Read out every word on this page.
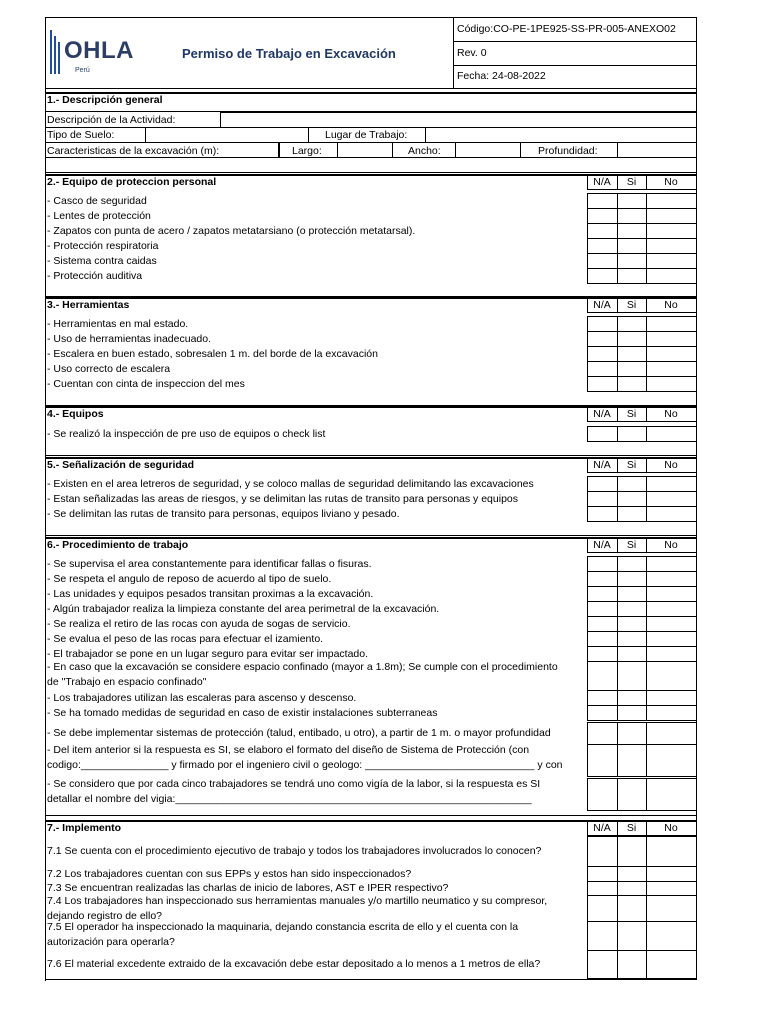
OHLA
Perú
Permiso de Trabajo en Excavación
Código:CO-PE-1PE925-SS-PR-005-ANEXO02
Rev. 0
Fecha: 24-08-2022
1.- Descripción general
Descripción de la Actividad:
Tipo de Suelo:	Lugar de Trabajo:
Caracteristicas de la excavación (m):	Largo:	Ancho:	Profundidad:
2.- Equipo de proteccion personal	N/A	Si	No
- Casco de seguridad
- Lentes de protección
- Zapatos con punta de acero / zapatos metatarsiano (o protección metatarsal).
- Protección respiratoria
- Sistema contra caidas
- Protección auditiva
3.- Herramientas	N/A	Si	No
- Herramientas en mal estado.
- Uso de herramientas inadecuado.
- Escalera en buen estado, sobresalen 1 m. del borde de la excavación
- Uso correcto de escalera
- Cuentan con cinta de inspeccion del mes
4.- Equipos	N/A	Si	No
- Se realizó la inspección de pre uso de equipos o check list
5.- Señalización de seguridad	N/A	Si	No
- Existen en el area letreros de seguridad, y se coloco mallas de seguridad delimitando las excavaciones
- Estan señalizadas las areas de riesgos, y se delimitan las rutas de transito para personas y equipos
- Se delimitan las rutas de transito para personas, equipos liviano y pesado.
6.- Procedimiento de trabajo	N/A	Si	No
- Se supervisa el area constantemente para identificar fallas o fisuras.
- Se respeta el angulo de reposo de acuerdo al tipo de suelo.
- Las unidades y equipos pesados transitan proximas a la excavación.
- Algún trabajador realiza la limpieza constante del area perimetral de la excavación.
- Se realiza el retiro de las rocas con ayuda de sogas de servicio.
- Se evalua el peso de las rocas para efectuar el izamiento.
- El trabajador se pone en un lugar seguro para evitar ser impactado.
- En caso que la excavación se considere espacio confinado (mayor a 1.8m); Se cumple con el procedimiento
de "Trabajo en espacio confinado"
- Los trabajadores utilizan las escaleras para ascenso y descenso.
- Se ha tomado medidas de seguridad en caso de existir instalaciones subterraneas
- Se debe implementar sistemas de protección (talud, entibado, u otro), a partir de 1 m. o mayor profundidad
- Del item anterior si la respuesta es SI, se elaboro el formato del diseño de Sistema de Protección (con
codigo:_______________ y firmado por el ingeniero civil o geologo: _____________________________ y con
- Se considero que por cada cinco trabajadores se tendrá uno como vigía de la labor, si la respuesta es SI
detallar el nombre del vigia:_____________________________________________________________
7.- Implemento	N/A	Si	No
7.1 Se cuenta con el procedimiento ejecutivo de trabajo y todos los trabajadores involucrados lo conocen?
7.2 Los trabajadores cuentan con sus EPPs y estos han sido inspeccionados?
7.3 Se encuentran realizadas las charlas de inicio de labores, AST e IPER respectivo?
7.4 Los trabajadores han inspeccionado sus herramientas manuales y/o martillo neumatico y su compresor,
dejando registro de ello?
7.5 El operador ha inspeccionado la maquinaria, dejando constancia escrita de ello y el cuenta con la
autorización para operarla?
7.6 El material excedente extraido de la excavación debe estar depositado a lo menos a 1 metros de ella?
